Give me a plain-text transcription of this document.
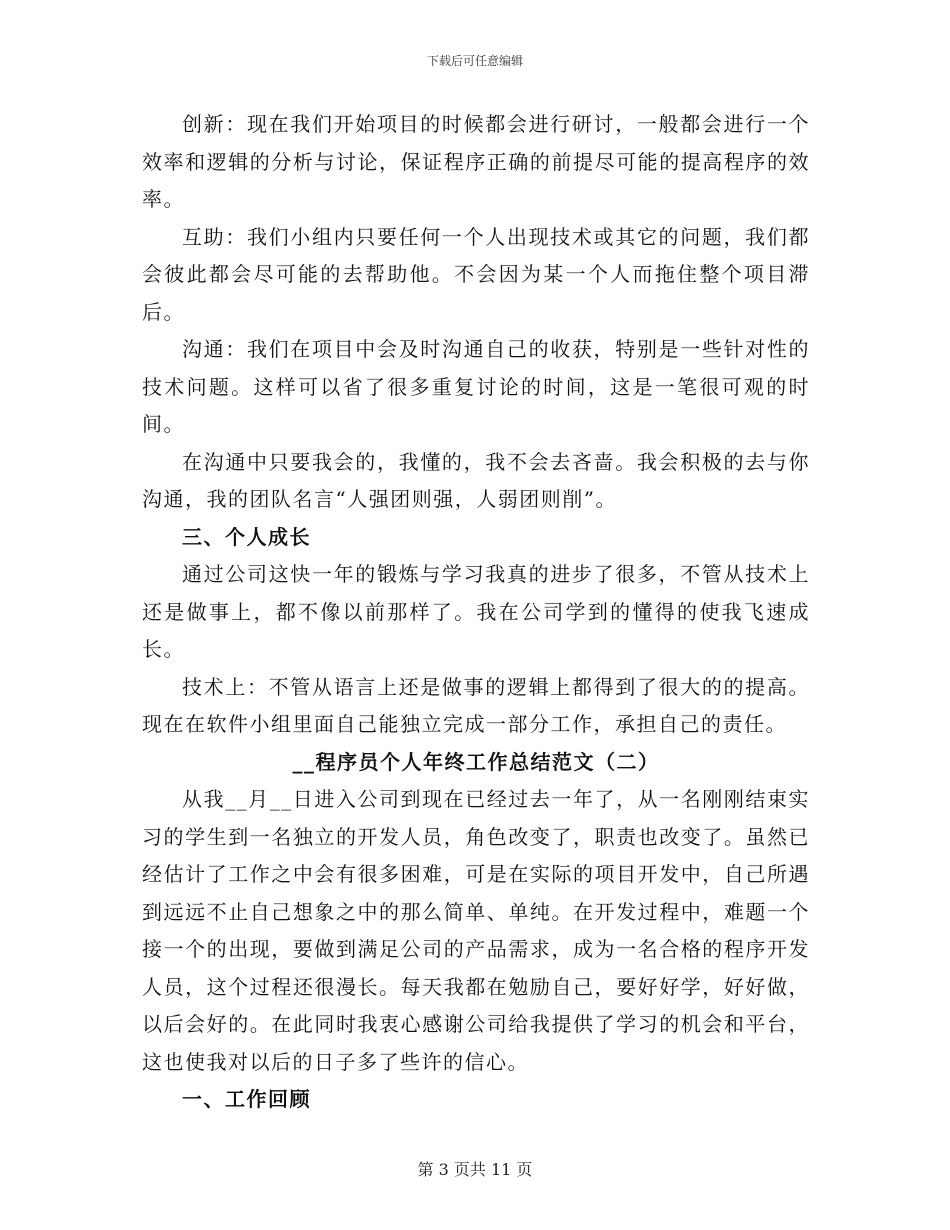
下载后可任意编辑

创新：现在我们开始项目的时候都会进行研讨，一般都会进行一个效率和逻辑的分析与讨论，保证程序正确的前提尽可能的提高程序的效率。

互助：我们小组内只要任何一个人出现技术或其它的问题，我们都会彼此都会尽可能的去帮助他。不会因为某一个人而拖住整个项目滞后。

沟通：我们在项目中会及时沟通自己的收获，特别是一些针对性的技术问题。这样可以省了很多重复讨论的时间，这是一笔很可观的时间。

在沟通中只要我会的，我懂的，我不会去吝啬。我会积极的去与你沟通，我的团队名言“人强团则强，人弱团则削”。

三、个人成长

通过公司这快一年的锻炼与学习我真的进步了很多，不管从技术上还是做事上，都不像以前那样了。我在公司学到的懂得的使我飞速成长。

技术上：不管从语言上还是做事的逻辑上都得到了很大的的提高。现在在软件小组里面自己能独立完成一部分工作，承担自己的责任。

__程序员个人年终工作总结范文（二）

从我__月__日进入公司到现在已经过去一年了，从一名刚刚结束实习的学生到一名独立的开发人员，角色改变了，职责也改变了。虽然已经估计了工作之中会有很多困难，可是在实际的项目开发中，自己所遇到远远不止自己想象之中的那么简单、单纯。在开发过程中，难题一个接一个的出现，要做到满足公司的产品需求，成为一名合格的程序开发人员，这个过程还很漫长。每天我都在勉励自己，要好好学，好好做，以后会好的。在此同时我衷心感谢公司给我提供了学习的机会和平台，这也使我对以后的日子多了些许的信心。

一、工作回顾

第 3 页共 11 页
